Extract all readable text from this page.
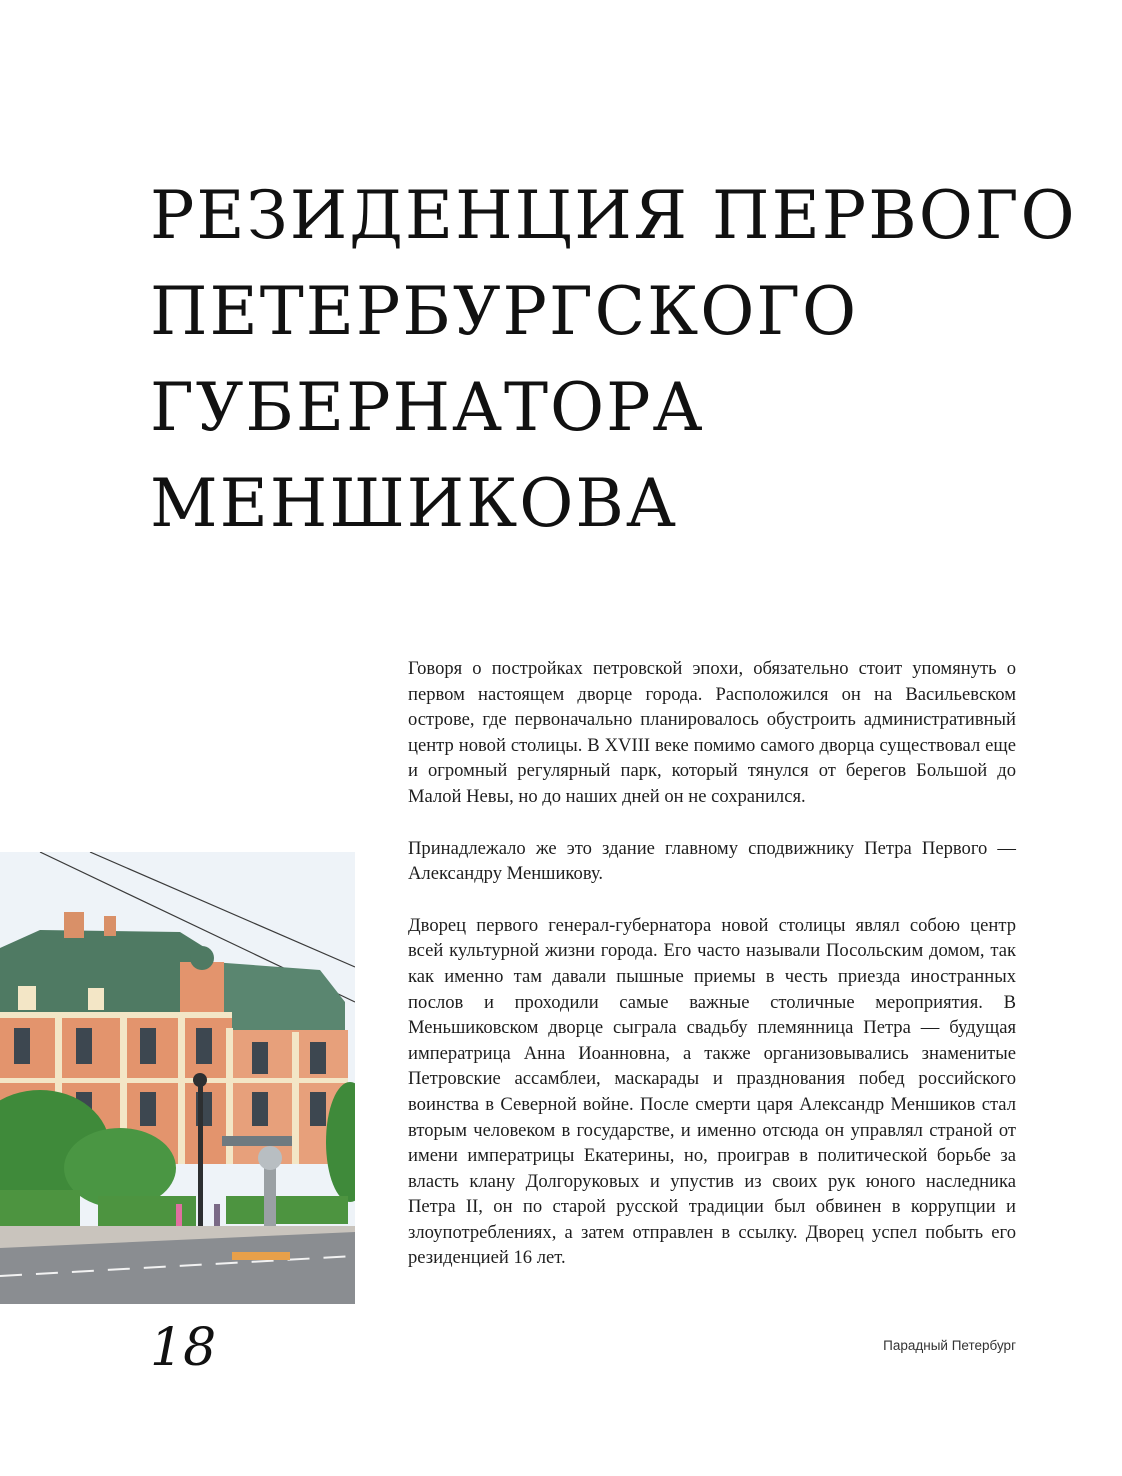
РЕЗИДЕНЦИЯ ПЕРВОГО
ПЕТЕРБУРГСКОГО
ГУБЕРНАТОРА
МЕНШИКОВА

Говоря о постройках петровской эпохи, обязательно стоит упомянуть о первом настоящем дворце города. Расположился он на Васильевском острове, где первоначально планировалось обустроить административный центр новой столицы. В XVIII веке помимо самого дворца существовал еще и огромный регулярный парк, который тянулся от берегов Большой до Малой Невы, но до наших дней он не сохранился.

Принадлежало же это здание главному сподвижнику Петра Первого — Александру Меншикову.

Дворец первого генерал-губернатора новой столицы являл собою центр всей культурной жизни города. Его часто называли Посольским домом, так как именно там давали пышные приемы в честь приезда иностранных послов и проходили самые важные столичные мероприятия. В Меньшиковском дворце сыграла свадьбу племянница Петра — будущая императрица Анна Иоанновна, а также организовывались знаменитые Петровские ассамблеи, маскарады и празднования побед российского воинства в Северной войне. После смерти царя Александр Меншиков стал вторым человеком в государстве, и именно отсюда он управлял страной от имени императрицы Екатерины, но, проиграв в политической борьбе за власть клану Долгоруковых и упустив из своих рук юного наследника Петра II, он по старой русской традиции был обвинен в коррупции и злоупотреблениях, а затем отправлен в ссылку. Дворец успел побыть его резиденцией 16 лет.

18	Парадный Петербург
